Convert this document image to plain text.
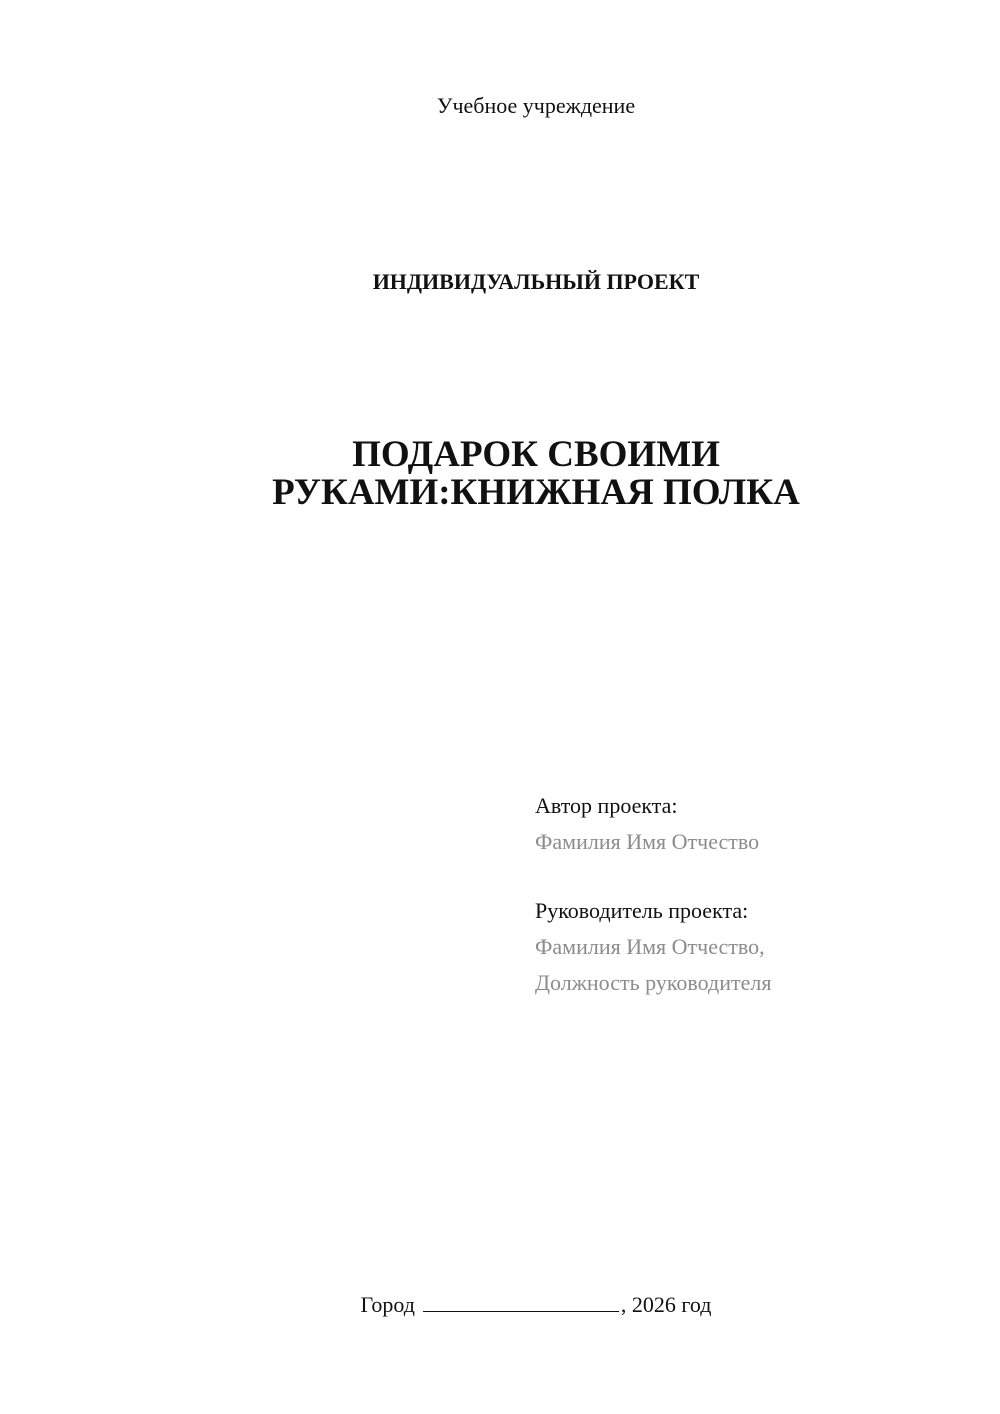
Учебное учреждение
ИНДИВИДУАЛЬНЫЙ ПРОЕКТ
ПОДАРОК СВОИМИ
РУКАМИ:КНИЖНАЯ ПОЛКА
Автор проекта:
Фамилия Имя Отчество
Руководитель проекта:
Фамилия Имя Отчество,
Должность руководителя
Город	, 2026 год
